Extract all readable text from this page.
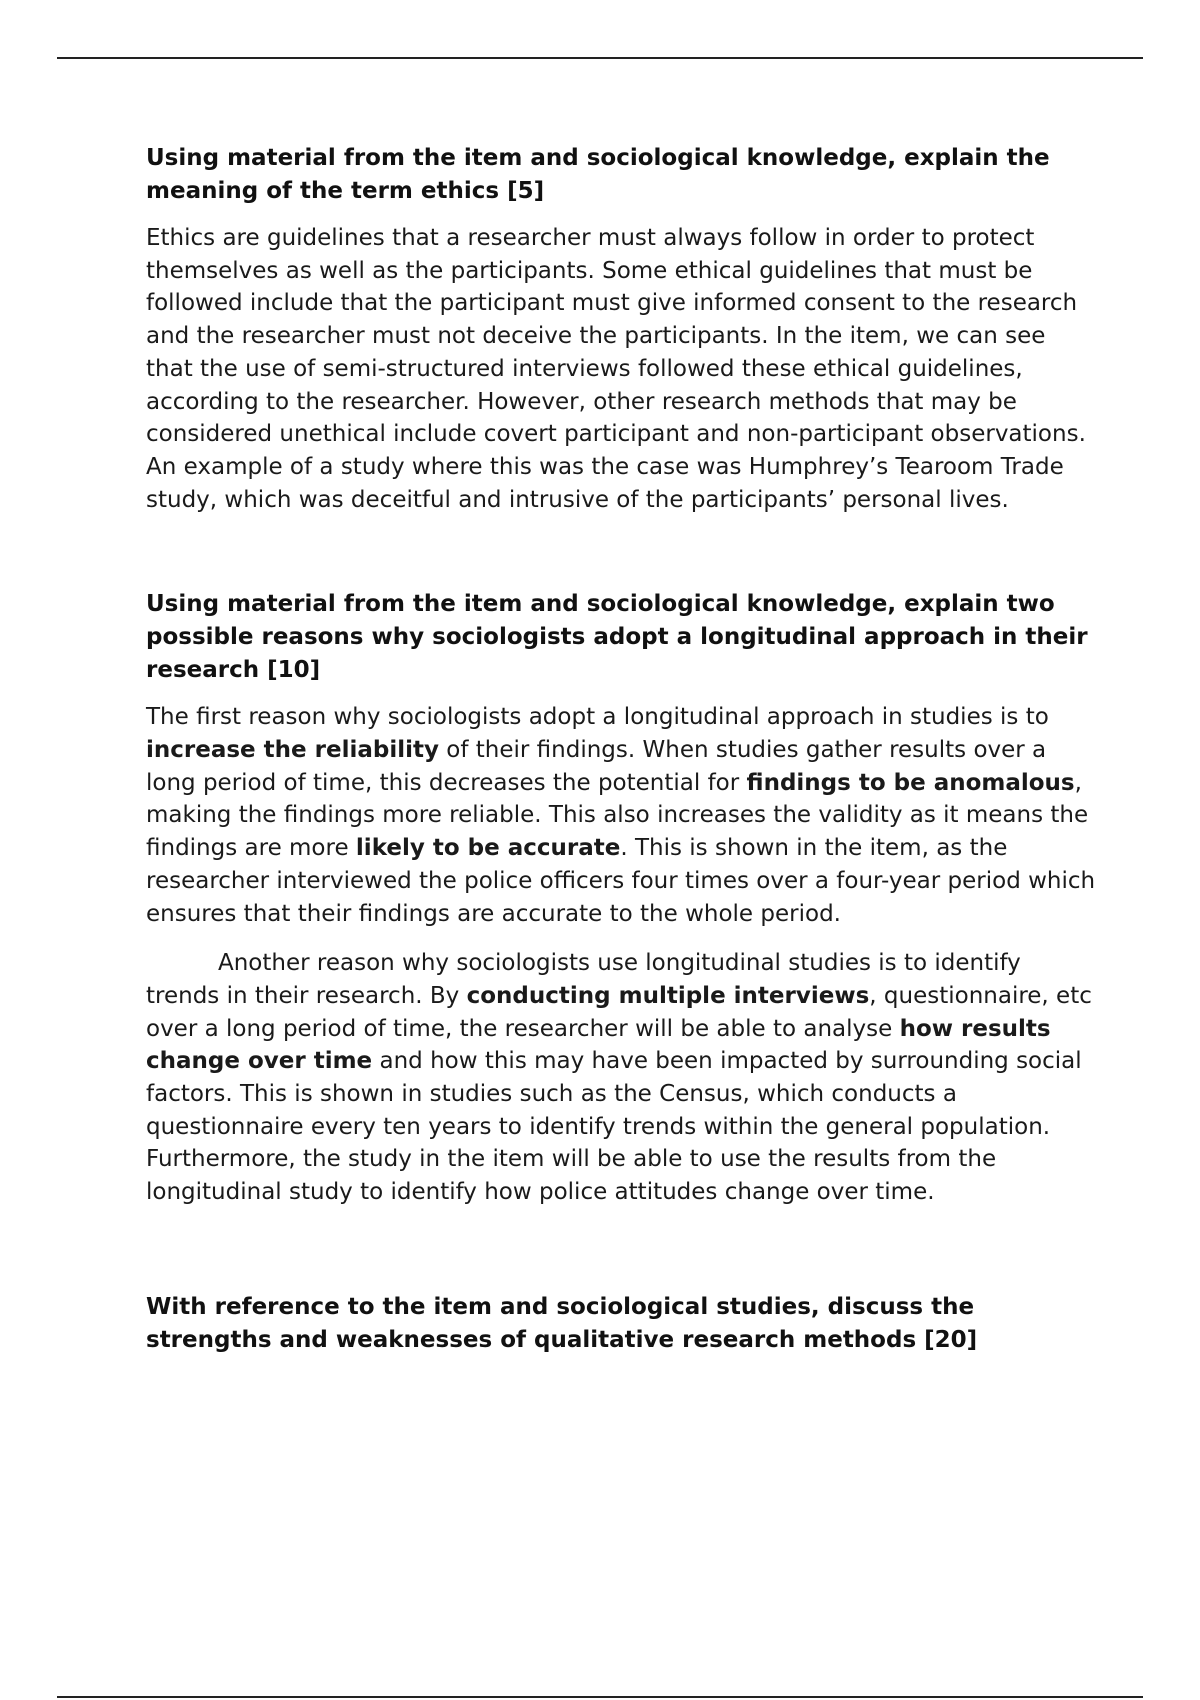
Using material from the item and sociological knowledge, explain the meaning of the term ethics [5]

Ethics are guidelines that a researcher must always follow in order to protect themselves as well as the participants. Some ethical guidelines that must be followed include that the participant must give informed consent to the research and the researcher must not deceive the participants. In the item, we can see that the use of semi-structured interviews followed these ethical guidelines, according to the researcher. However, other research methods that may be considered unethical include covert participant and non-participant observations. An example of a study where this was the case was Humphrey’s Tearoom Trade study, which was deceitful and intrusive of the participants’ personal lives.

Using material from the item and sociological knowledge, explain two possible reasons why sociologists adopt a longitudinal approach in their research [10]

The first reason why sociologists adopt a longitudinal approach in studies is to increase the reliability of their findings. When studies gather results over a long period of time, this decreases the potential for findings to be anomalous, making the findings more reliable. This also increases the validity as it means the findings are more likely to be accurate. This is shown in the item, as the researcher interviewed the police officers four times over a four-year period which ensures that their findings are accurate to the whole period.

Another reason why sociologists use longitudinal studies is to identify trends in their research. By conducting multiple interviews, questionnaire, etc over a long period of time, the researcher will be able to analyse how results change over time and how this may have been impacted by surrounding social factors. This is shown in studies such as the Census, which conducts a questionnaire every ten years to identify trends within the general population. Furthermore, the study in the item will be able to use the results from the longitudinal study to identify how police attitudes change over time.

With reference to the item and sociological studies, discuss the strengths and weaknesses of qualitative research methods [20]
